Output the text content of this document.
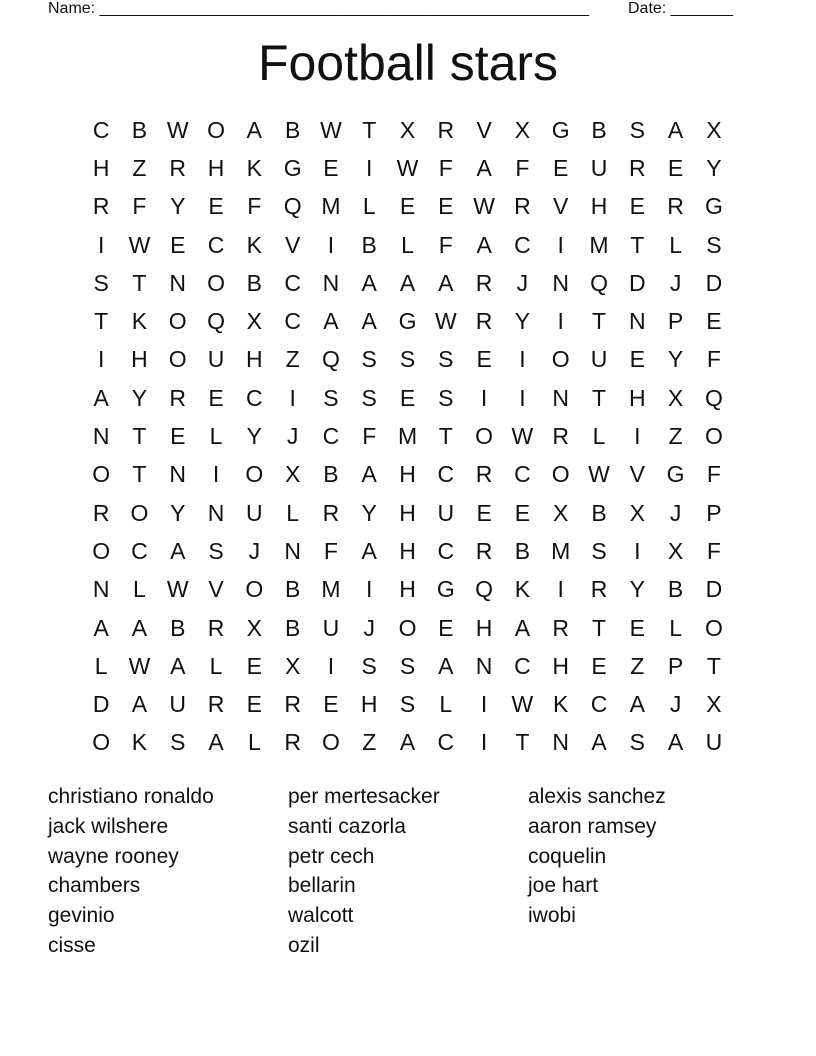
Name: _______________________________________________________ Date: _______
Football stars
C B W O A B W T	X R V X G B S A X
H Z R H K G E	I	W F	A	F	E U R E Y
R F	Y E	F Q M L	E E W R V H E R G
I	W E C K V	I	B	L	F	A C	I	M T	L	S
S	T N O B C N A A A R	J	N Q D	J	D
T	K O Q X C A A G W R Y	I	T N P E
I	H O U H Z Q S S S E	I	O U E Y	F
A Y R E C	I	S S E S	I	I	N T H X Q
N T	E	L	Y	J	C F M T O W R	L	I	Z O
O T N	I	O X B A H C R C O W V G F
R O Y N U	L	R Y H U E E X B X	J	P
O C A S	J	N F	A H C R B M S	I	X	F
N	L W V O B M	I	H G Q K	I	R Y B D
A A B R X B U	J	O E H A R T	E	L O
L W A	L	E X	I	S S A N C H E	Z	P	T
D A U R E R E H S	L	I	W K C A	J	X
O K S A	L	R O Z	A C	I	T N A S A U
christiano ronaldo
jack wilshere
wayne rooney
chambers
gevinio
cisse
per mertesacker
santi cazorla
petr cech
bellarin
walcott
ozil
alexis sanchez
aaron ramsey
coquelin
joe hart
iwobi
